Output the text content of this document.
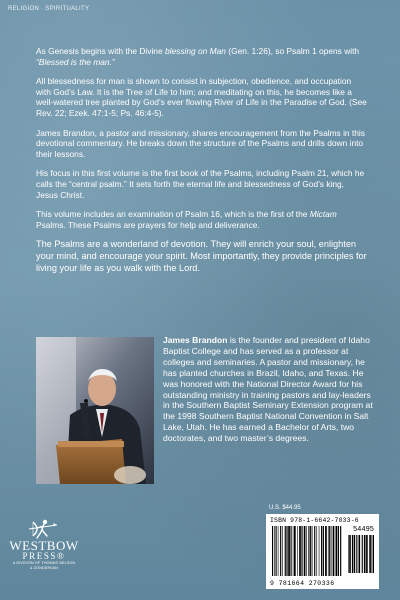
RELIGION · SPIRITUALITY

As Genesis begins with the Divine blessing on Man (Gen. 1:26), so Psalm 1 opens with “Blessed is the man.”

All blessedness for man is shown to consist in subjection, obedience, and occupation with God’s Law. It is the Tree of Life to him; and meditating on this, he becomes like a well-watered tree planted by God’s ever flowing River of Life in the Paradise of God. (See Rev. 22; Ezek. 47:1-5; Ps. 46:4-5).

James Brandon, a pastor and missionary, shares encouragement from the Psalms in this devotional commentary. He breaks down the structure of the Psalms and drills down into their lessons.

His focus in this first volume is the first book of the Psalms, including Psalm 21, which he calls the “central psalm.” It sets forth the eternal life and blessedness of God’s king, Jesus Christ.

This volume includes an examination of Psalm 16, which is the first of the Mictam Psalms. These Psalms are prayers for help and deliverance.

The Psalms are a wonderland of devotion. They will enrich your soul, enlighten your mind, and encourage your spirit. Most importantly, they provide principles for living your life as you walk with the Lord.

James Brandon is the founder and president of Idaho Baptist College and has served as a professor at colleges and seminaries. A pastor and missionary, he has planted churches in Brazil, Idaho, and Texas. He was honored with the National Director Award for his outstanding ministry in training pastors and lay-leaders in the Southern Baptist Seminary Extension program at the 1998 Southern Baptist National Convention in Salt Lake, Utah. He has earned a Bachelor of Arts, two doctorates, and two master’s degrees.
U.S. $44.95
ISBN 978-1-6642-7033-6
54495
9 781664 270336
WESTBOW
PRESS®
A DIVISION OF THOMAS NELSON
& ZONDERVAN
